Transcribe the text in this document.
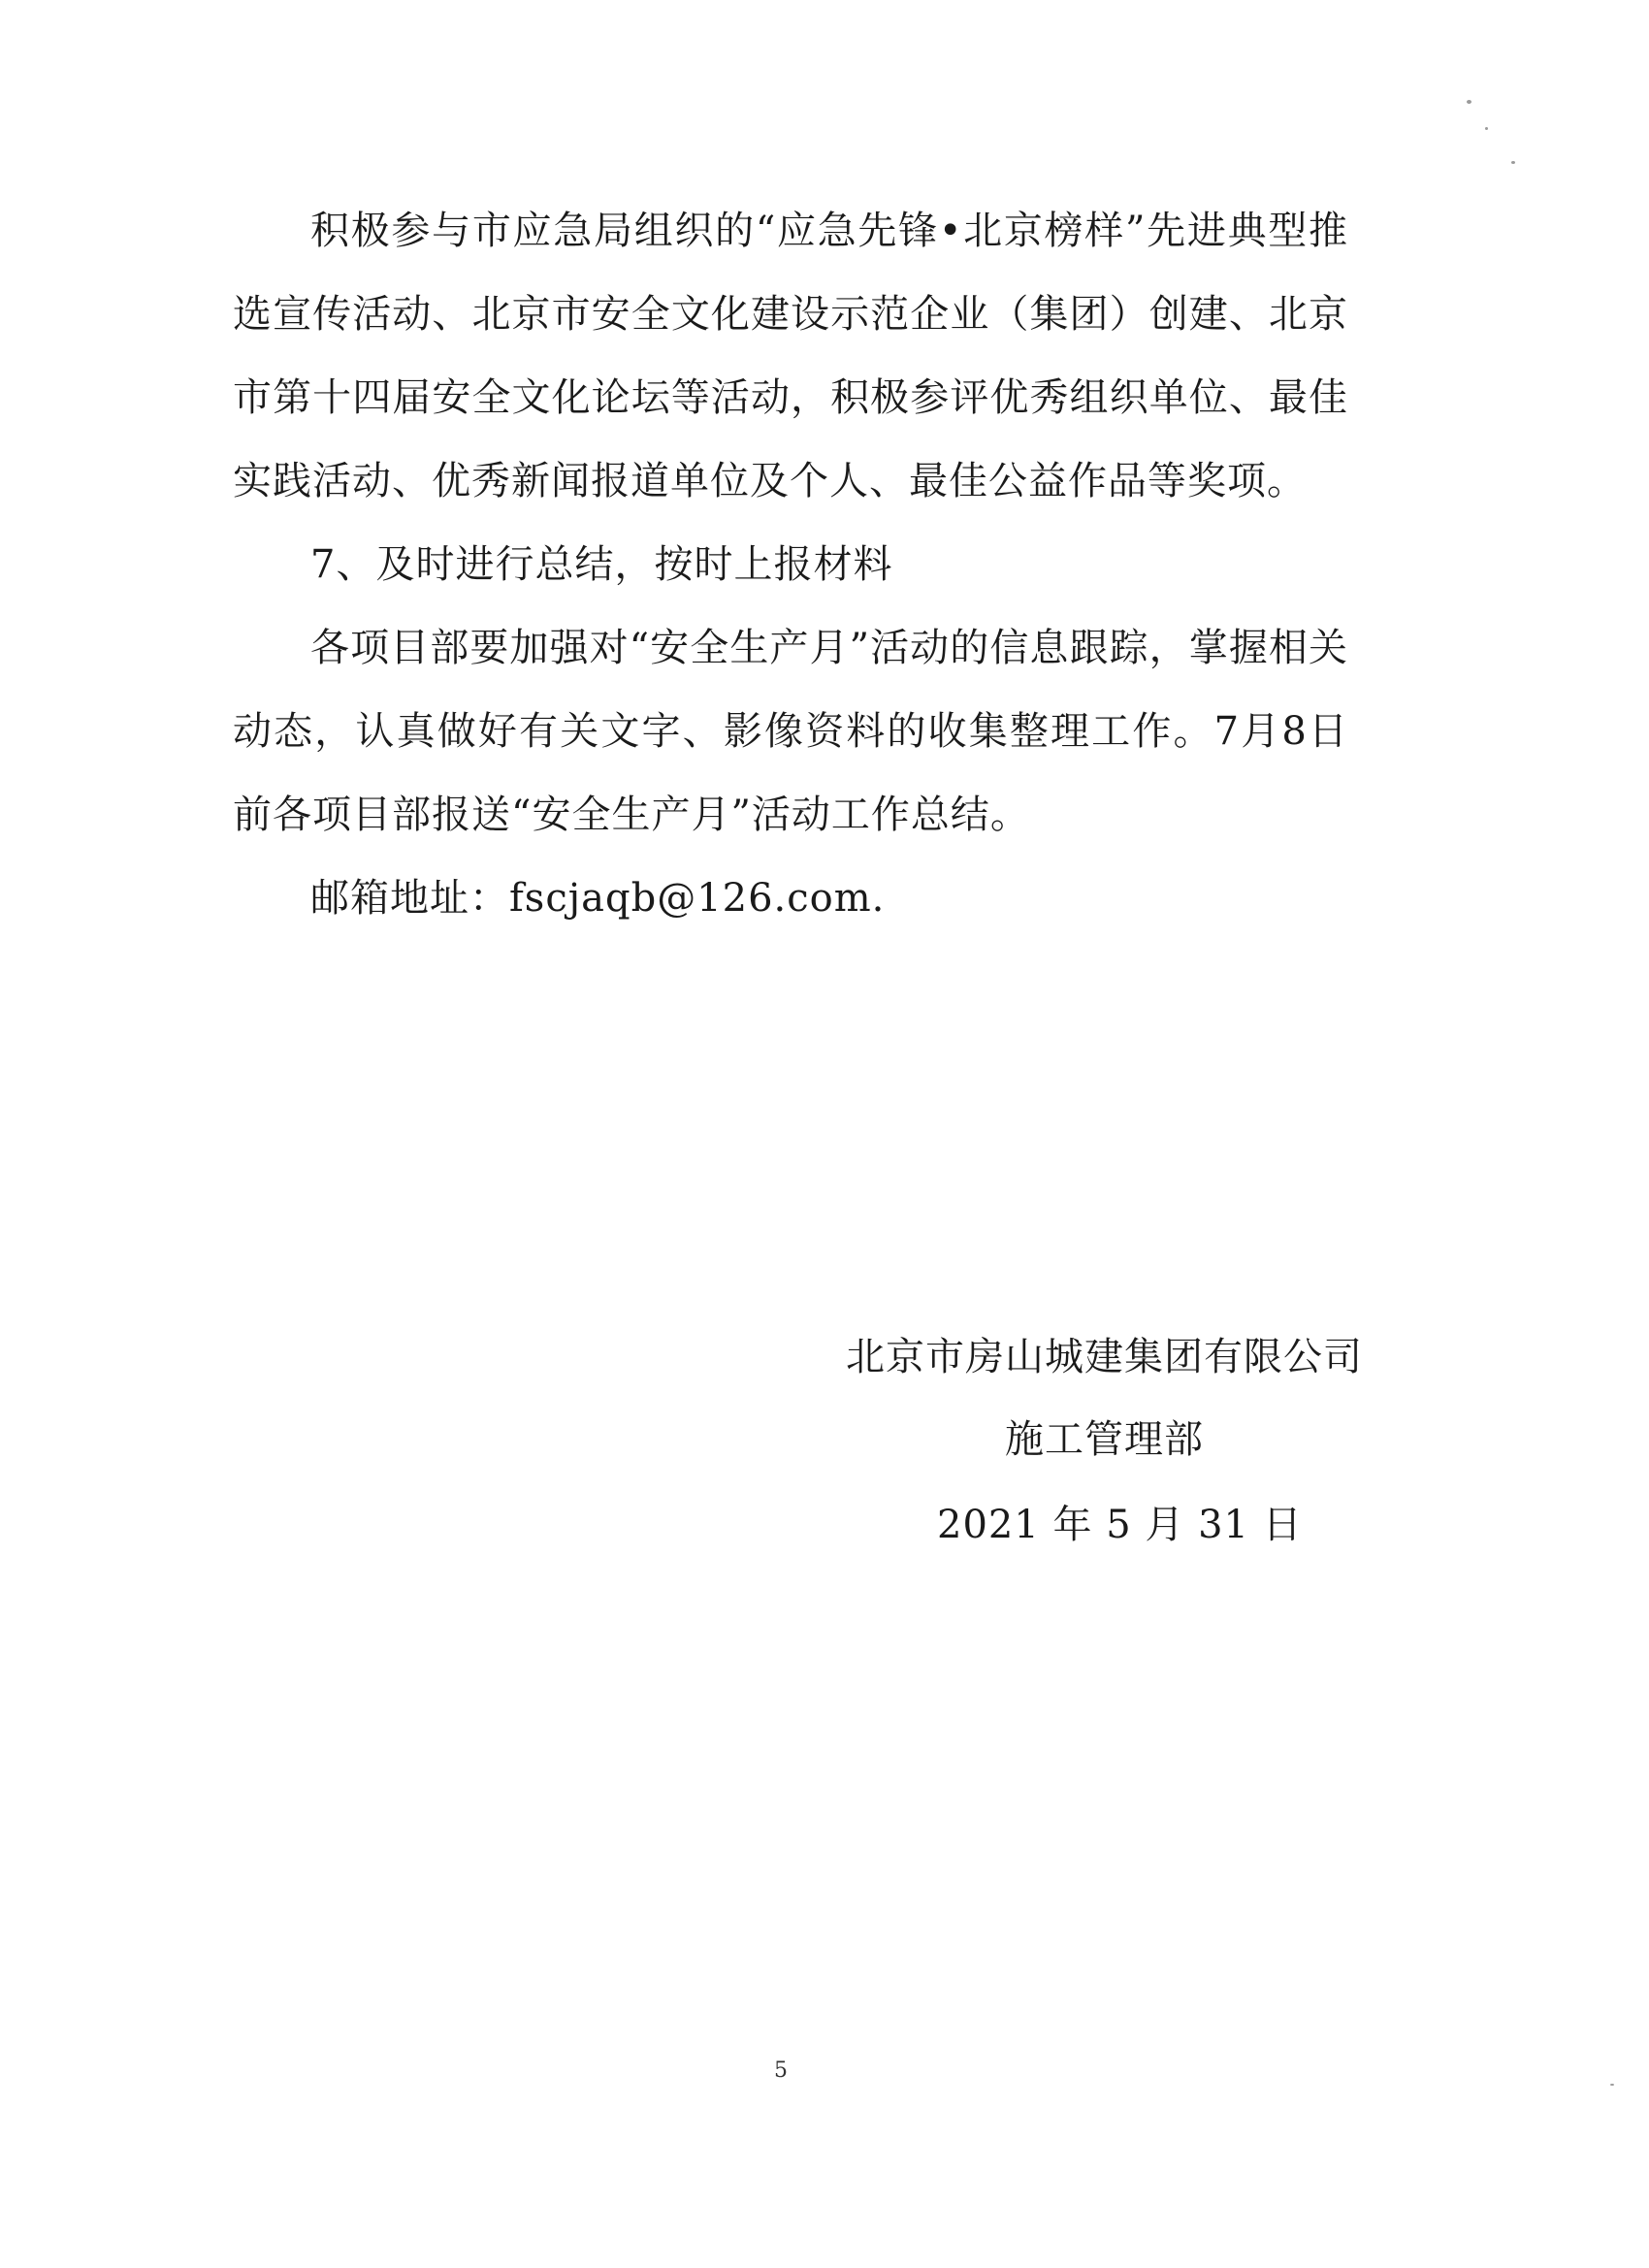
积极参与市应急局组织的“应急先锋•北京榜样”先进典型推选宣传活动、北京市安全文化建设示范企业（集团）创建、北京市第十四届安全文化论坛等活动，积极参评优秀组织单位、最佳实践活动、优秀新闻报道单位及个人、最佳公益作品等奖项。

7、及时进行总结，按时上报材料

各项目部要加强对“安全生产月”活动的信息跟踪，掌握相关动态，认真做好有关文字、影像资料的收集整理工作。7月8日前各项目部报送“安全生产月”活动工作总结。

邮箱地址：fscjaqb@126.com.

北京市房山城建集团有限公司
施工管理部
2021 年 5 月 31 日
5
